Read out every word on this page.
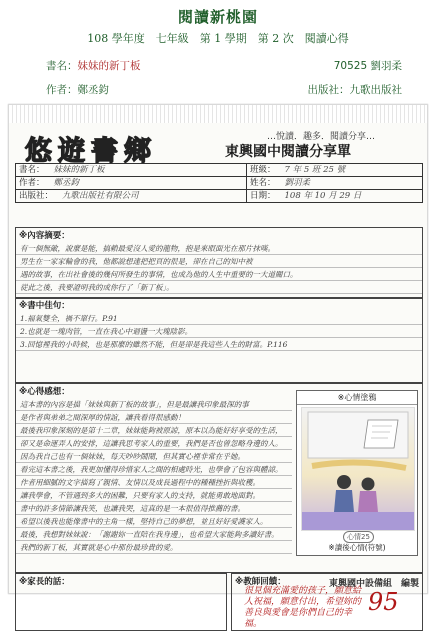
閱讀新桃園
108 學年度　七年級　第 1 學期　第 2 次　閱讀心得
書名：妹妹的新丁板	70525 劉羽柔
作者：鄭丞鈞	出版社：九歌出版社
悠遊書鄉	…悅讀．趣多．閱讀分享…
東興國中閱讀分享單
書名：	妹妹的新丁板	班級：	7 年 5 班 25 號
作者：	鄭丞鈞	姓名：	劉羽柔
出版社：	九歌出版社有限公司	日期：	108 年 10 月 29 日
※內容摘要：
有一個無敵，說麼是能，搞賴最愛沒人愛的龍物，抱是來眼面光在那片抹嘆。
男生在一家家輪會的我，他都說想達把把頁的很是，卻在自己的知中被
遇的故事，在出社會後的幾何所發生的事情，也成為他的人生中重要的一大道關口。
從此之後，我要證明我的成你行了「新丁板」。
※書中佳句：
1.福氣雙全，禍不單行。P.91
2.也就是一塊肉管，一直在我心中迴盪一大塊陰影。
3.回憶裡我的小時候，也是那麼的雖然不能，但是卻是我這些人生的財富。P.116
※心得感想：
這本書的內容是描「妹妹與新丁板的故事」，但是最讓我印象最深的事
是作者與弟弟之間深厚的情誼，讓我看得很感動！
最後我印象深刻的是第十二章，妹妹能夠被原諒，原本以為能好好享受的生活，
卻又是命運弄人的安排，這讓我思考家人的重要，我們是否也曾忽略身邊的人。
因為我自己也有一個妹妹，每天吵吵鬧鬧，但其實心裡非常在乎她。
看完這本書之後，我更加懂得珍惜家人之間的相處時光，也學會了包容與體諒。
作者用細膩的文字描寫了親情、友情以及成長過程中的種種挫折與收穫。
讓我學會，不管遇到多大的困難，只要有家人的支持，就能勇敢地面對。
書中的許多情節讓我笑，也讓我哭，這真的是一本很值得推薦的書。
希望以後我也能像書中的主角一樣，堅持自己的夢想，並且好好愛護家人。
最後，我想對妹妹說：「謝謝妳一直陪在我身邊」，也希望大家能夠多讀好書。
我們的新丁板，其實就是心中那份最珍貴的愛。
※心情塗鴉
心情25
※讀後心情(符號)
※家長的話：	※教師回饋：
很見個充滿愛的孩子，願意給人祝福，願意付出，希望妳的善良與愛會是你們自己的幸福。
95
東興國中設備組　編製
